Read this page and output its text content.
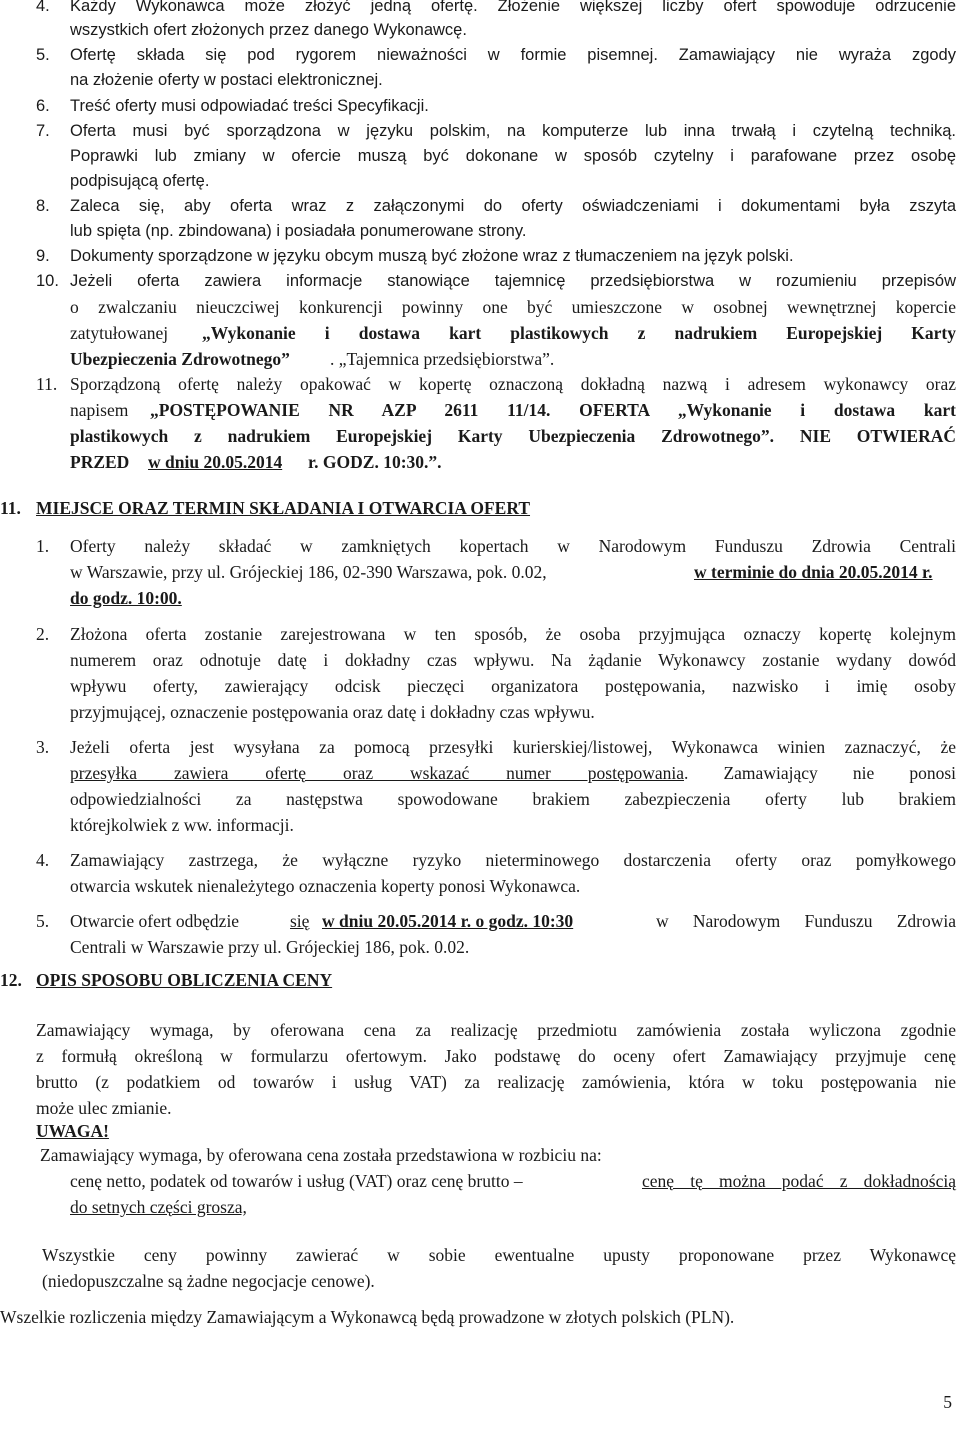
4. Każdy Wykonawca może złożyć jedną ofertę. Złożenie większej liczby ofert spowoduje odrzucenie
wszystkich ofert złożonych przez danego Wykonawcę.
5. Ofertę składa się pod rygorem nieważności w formie pisemnej. Zamawiający nie wyraża zgody
na złożenie oferty w postaci elektronicznej.
6. Treść oferty musi odpowiadać treści Specyfikacji.
7. Oferta musi być sporządzona w języku polskim, na komputerze lub inna trwałą i czytelną techniką.
Poprawki lub zmiany w ofercie muszą być dokonane w sposób czytelny i parafowane przez osobę
podpisującą ofertę.
8. Zaleca się, aby oferta wraz z załączonymi do oferty oświadczeniami i dokumentami była zszyta
lub spięta (np. zbindowana) i posiadała ponumerowane strony.
9. Dokumenty sporządzone w języku obcym muszą być złożone wraz z tłumaczeniem na język polski.
10. Jeżeli oferta zawiera informacje stanowiące tajemnicę przedsiębiorstwa w rozumieniu przepisów
o zwalczaniu nieuczciwej konkurencji powinny one być umieszczone w osobnej wewnętrznej kopercie
zatytułowanej „Wykonanie i dostawa kart plastikowych z nadrukiem Europejskiej Karty
Ubezpieczenia Zdrowotnego” . „Tajemnica przedsiębiorstwa”.
11. Sporządzoną ofertę należy opakować w kopertę oznaczoną dokładną nazwą i adresem wykonawcy oraz
napisem „POSTĘPOWANIE NR AZP 2611 11/14. OFERTA „Wykonanie i dostawa kart
plastikowych z nadrukiem Europejskiej Karty Ubezpieczenia Zdrowotnego”. NIE OTWIERAĆ
PRZED w dniu 20.05.2014 r. GODZ. 10:30.”.
11. MIEJSCE ORAZ TERMIN SKŁADANIA I OTWARCIA OFERT
1. Oferty należy składać w zamkniętych kopertach w Narodowym Funduszu Zdrowia Centrali
w Warszawie, przy ul. Grójeckiej 186, 02-390 Warszawa, pok. 0.02,	w terminie do dnia 20.05.2014 r.
do godz. 10:00.
2. Złożona oferta zostanie zarejestrowana w ten sposób, że osoba przyjmująca oznaczy kopertę kolejnym
numerem oraz odnotuje datę i dokładny czas wpływu. Na żądanie Wykonawcy zostanie wydany dowód
wpływu oferty, zawierający odcisk pieczęci organizatora postępowania, nazwisko i imię osoby
przyjmującej, oznaczenie postępowania oraz datę i dokładny czas wpływu.
3. Jeżeli oferta jest wysyłana za pomocą przesyłki kurierskiej/listowej, Wykonawca winien zaznaczyć, że
przesyłka zawiera ofertę oraz wskazać numer postępowania . Zamawiający nie ponosi
odpowiedzialności za następstwa spowodowane brakiem zabezpieczenia oferty lub brakiem
którejkolwiek z ww. informacji.
4. Zamawiający zastrzega, że wyłączne ryzyko nieterminowego dostarczenia oferty oraz pomyłkowego
otwarcia wskutek nienależytego oznaczenia koperty ponosi Wykonawca.
5. Otwarcie ofert odbędzie	się w dniu 20.05.2014 r. o godz. 10:30	w Narodowym Funduszu Zdrowia
Centrali w Warszawie przy ul. Grójeckiej 186, pok. 0.02.
12. OPIS SPOSOBU OBLICZENIA CENY
Zamawiający wymaga, by oferowana cena za realizację przedmiotu zamówienia została wyliczona zgodnie
z formułą określoną w formularzu ofertowym. Jako podstawę do oceny ofert Zamawiający przyjmuje cenę
brutto (z podatkiem od towarów i usług VAT) za realizację zamówienia, która w toku postępowania nie
może ulec zmianie.
UWAGA!
Zamawiający wymaga, by oferowana cena została przedstawiona w rozbiciu na:
cenę netto, podatek od towarów i usług (VAT) oraz cenę brutto –	cenę tę można podać z dokładnością
do setnych części grosza,
Wszystkie ceny powinny zawierać w sobie ewentualne upusty proponowane przez Wykonawcę
(niedopuszczalne są żadne negocjacje cenowe).
Wszelkie rozliczenia między Zamawiającym a Wykonawcą będą prowadzone w złotych polskich (PLN).
5
